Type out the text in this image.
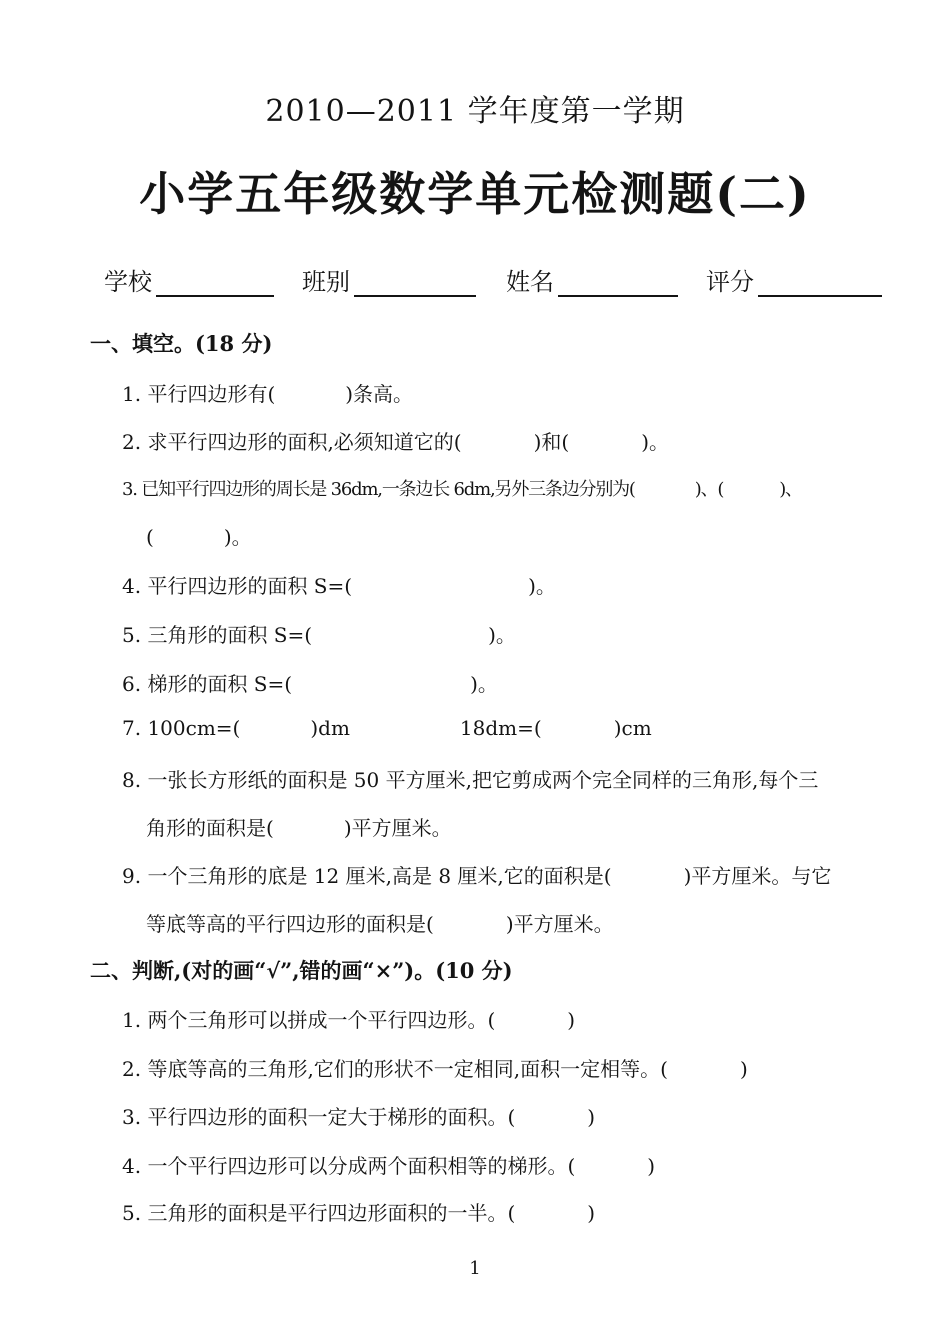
2010—2011 学年度第一学期
小学五年级数学单元检测题(二)
学校	班别	姓名	评分
一、填空。(18 分)
1. 平行四边形有(	)条高。
2. 求平行四边形的面积,必须知道它的(	)和(	)。
3. 已知平行四边形的周长是 36dm,一条边长 6dm,另外三条边分别为(	)、(	)、
(	)。
4. 平行四边形的面积 S=(	)。
5. 三角形的面积 S=(	)。
6. 梯形的面积 S=(	)。
7. 100cm=(	)dm	18dm=(	)cm
8. 一张长方形纸的面积是 50 平方厘米,把它剪成两个完全同样的三角形,每个三
角形的面积是(	)平方厘米。
9. 一个三角形的底是 12 厘米,高是 8 厘米,它的面积是(	)平方厘米。与它
等底等高的平行四边形的面积是(	)平方厘米。
二、判断,(对的画“√”,错的画“×”)。(10 分)
1. 两个三角形可以拼成一个平行四边形。(	)
2. 等底等高的三角形,它们的形状不一定相同,面积一定相等。(	)
3. 平行四边形的面积一定大于梯形的面积。(	)
4. 一个平行四边形可以分成两个面积相等的梯形。(	)
5. 三角形的面积是平行四边形面积的一半。(	)
1
